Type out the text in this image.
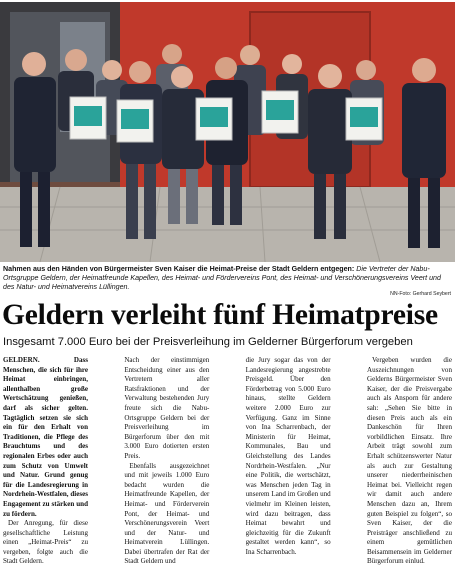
Nahmen aus den Händen von Bürgermeister Sven Kaiser die Heimat-Preise der Stadt Geldern entgegen: Die Vertreter der Nabu-Ortsgruppe Geldern, der Heimatfreunde Kapellen, des Heimat- und Fördervereins Pont, des Heimat- und Verschönerungsvereins Veert und des Natur- und Heimatvereins Lüllingen.
NN-Foto: Gerhard Seybert
Geldern verleiht fünf Heimatpreise
Insgesamt 7.000 Euro bei der Preisverleihung im Gelderner Bürgerforum vergeben

GELDERN. Dass Menschen, die sich für ihre Heimat einbringen, allenthalben große Wertschätzung genießen, darf als sicher gelten. Tagtäglich setzen sie sich ein für den Erhalt von Traditionen, die Pflege des Brauchtums und des regionalen Erbes oder auch zum Schutz von Umwelt und Natur. Grund genug für die Landesregierung in Nordrhein-Westfalen, dieses Engagement zu stärken und zu fördern.

Der Anregung, für diese gesellschaftliche Leistung einen „Heimat-Preis“ zu vergeben, folgte auch die Stadt Geldern.

Nach der einstimmigen Entscheidung einer aus den Vertretern aller Ratsfraktionen und der Verwaltung bestehenden Jury freute sich die Nabu-Ortsgruppe Geldern bei der Preisverleihung im Bürgerforum über den mit 3.000 Euro dotierten ersten Preis.

Ebenfalls ausgezeichnet und mit jeweils 1.000 Euro bedacht wurden die Heimatfreunde Kapellen, der Heimat- und Förderverein Pont, der Heimat- und Verschönerungsverein Veert und der Natur- und Heimatverein Lüllingen. Dabei übertrafen der Rat der Stadt Geldern und

die Jury sogar das von der Landesregierung angestrebte Preisgeld. Über den Förderbetrag von 5.000 Euro hinaus, stellte Geldern weitere 2.000 Euro zur Verfügung. Ganz im Sinne von Ina Scharrenbach, der Ministerin für Heimat, Kommunales, Bau und Gleichstellung des Landes Nordrhein-Westfalen. „Nur eine Politik, die wertschätzt, was Menschen jeden Tag in unserem Land im Großen und vielmehr im Kleinen leisten, wird dazu beitragen, dass Heimat bewahrt und gleichzeitig für die Zukunft gestaltet werden kann“, so Ina Scharrenbach.

Vergeben wurden die Auszeichnungen von Gelderns Bürgermeister Sven Kaiser, der die Preisvergabe auch als Ansporn für andere sah: „Sehen Sie bitte in diesen Preis auch als ein Dankeschön für Ihren vorbildlichen Einsatz. Ihre Arbeit trägt sowohl zum Erhalt schützenswerter Natur als auch zur Gestaltung unserer niederrheinischen Heimat bei. Vielleicht regen wir damit auch andere Menschen dazu an, Ihrem guten Beispiel zu folgen“, so Sven Kaiser, der die Preisträger anschließend zu einem gemütlichen Beisammensein im Gelderner Bürgerforum einlud.
